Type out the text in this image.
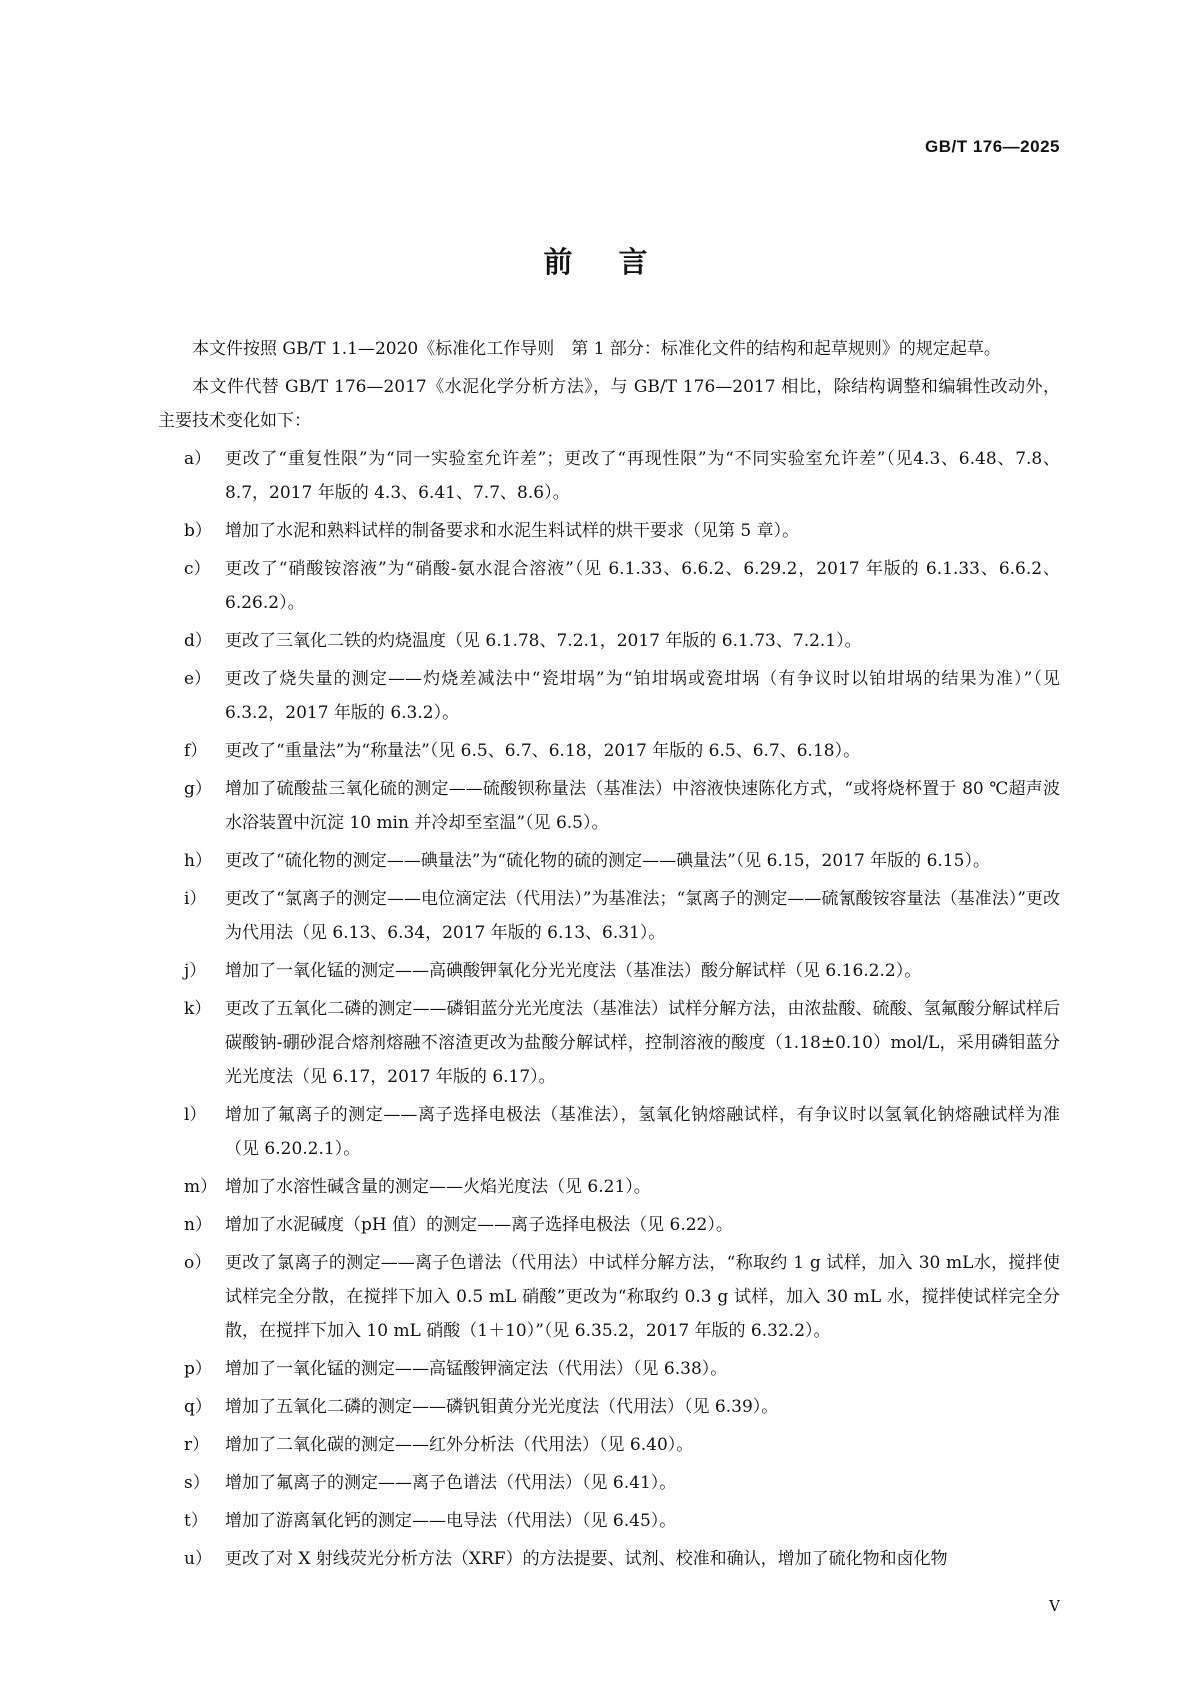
GB/T 176—2025
前言

本文件按照 GB/T 1.1—2020《标准化工作导则　第 1 部分：标准化文件的结构和起草规则》的规定起草。

本文件代替 GB/T 176—2017《水泥化学分析方法》，与 GB/T 176—2017 相比，除结构调整和编辑性改动外，主要技术变化如下：

a） 更改了“重复性限”为“同一实验室允许差”；更改了“再现性限”为“不同实验室允许差”（见4.3、6.48、7.8、8.7，2017 年版的 4.3、6.41、7.7、8.6）。
b） 增加了水泥和熟料试样的制备要求和水泥生料试样的烘干要求（见第 5 章）。
c） 更改了“硝酸铵溶液”为“硝酸-氨水混合溶液”（见 6.1.33、6.6.2、6.29.2，2017 年版的 6.1.33、6.6.2、6.26.2）。
d） 更改了三氧化二铁的灼烧温度（见 6.1.78、7.2.1，2017 年版的 6.1.73、7.2.1）。
e） 更改了烧失量的测定——灼烧差减法中“瓷坩埚”为“铂坩埚或瓷坩埚（有争议时以铂坩埚的结果为准）”（见 6.3.2，2017 年版的 6.3.2）。
f）	更改了“重量法”为“称量法”（见 6.5、6.7、6.18，2017 年版的 6.5、6.7、6.18）。
g） 增加了硫酸盐三氧化硫的测定——硫酸钡称量法（基准法）中溶液快速陈化方式，“或将烧杯置于 80 ℃超声波水浴装置中沉淀 10 min 并冷却至室温”（见 6.5）。
h） 更改了“硫化物的测定——碘量法”为“硫化物的硫的测定——碘量法”（见 6.15，2017 年版的 6.15）。
i）	更改了“氯离子的测定——电位滴定法（代用法）”为基准法；“氯离子的测定——硫氰酸铵容量法（基准法）”更改为代用法（见 6.13、6.34，2017 年版的 6.13、6.31）。
j）	增加了一氧化锰的测定——高碘酸钾氧化分光光度法（基准法）酸分解试样（见 6.16.2.2）。
k） 更改了五氧化二磷的测定——磷钼蓝分光光度法（基准法）试样分解方法，由浓盐酸、硫酸、氢氟酸分解试样后碳酸钠-硼砂混合熔剂熔融不溶渣更改为盐酸分解试样，控制溶液的酸度（1.18±0.10）mol/L，采用磷钼蓝分光光度法（见 6.17，2017 年版的 6.17）。
l）	增加了氟离子的测定——离子选择电极法（基准法），氢氧化钠熔融试样，有争议时以氢氧化钠熔融试样为准（见 6.20.2.1）。
m） 增加了水溶性碱含量的测定——火焰光度法（见 6.21）。
n） 增加了水泥碱度（pH 值）的测定——离子选择电极法（见 6.22）。
o） 更改了氯离子的测定——离子色谱法（代用法）中试样分解方法，“称取约 1 g 试样，加入 30 mL水，搅拌使试样完全分散，在搅拌下加入 0.5 mL 硝酸”更改为“称取约 0.3 g 试样，加入 30 mL 水，搅拌使试样完全分散，在搅拌下加入 10 mL 硝酸（1＋10）”（见 6.35.2，2017 年版的 6.32.2）。
p） 增加了一氧化锰的测定——高锰酸钾滴定法（代用法）（见 6.38）。
q） 增加了五氧化二磷的测定——磷钒钼黄分光光度法（代用法）（见 6.39）。
r） 增加了二氧化碳的测定——红外分析法（代用法）（见 6.40）。
s） 增加了氟离子的测定——离子色谱法（代用法）（见 6.41）。
t）	增加了游离氧化钙的测定——电导法（代用法）（见 6.45）。
u） 更改了对 X 射线荧光分析方法（XRF）的方法提要、试剂、校准和确认，增加了硫化物和卤化物
V
